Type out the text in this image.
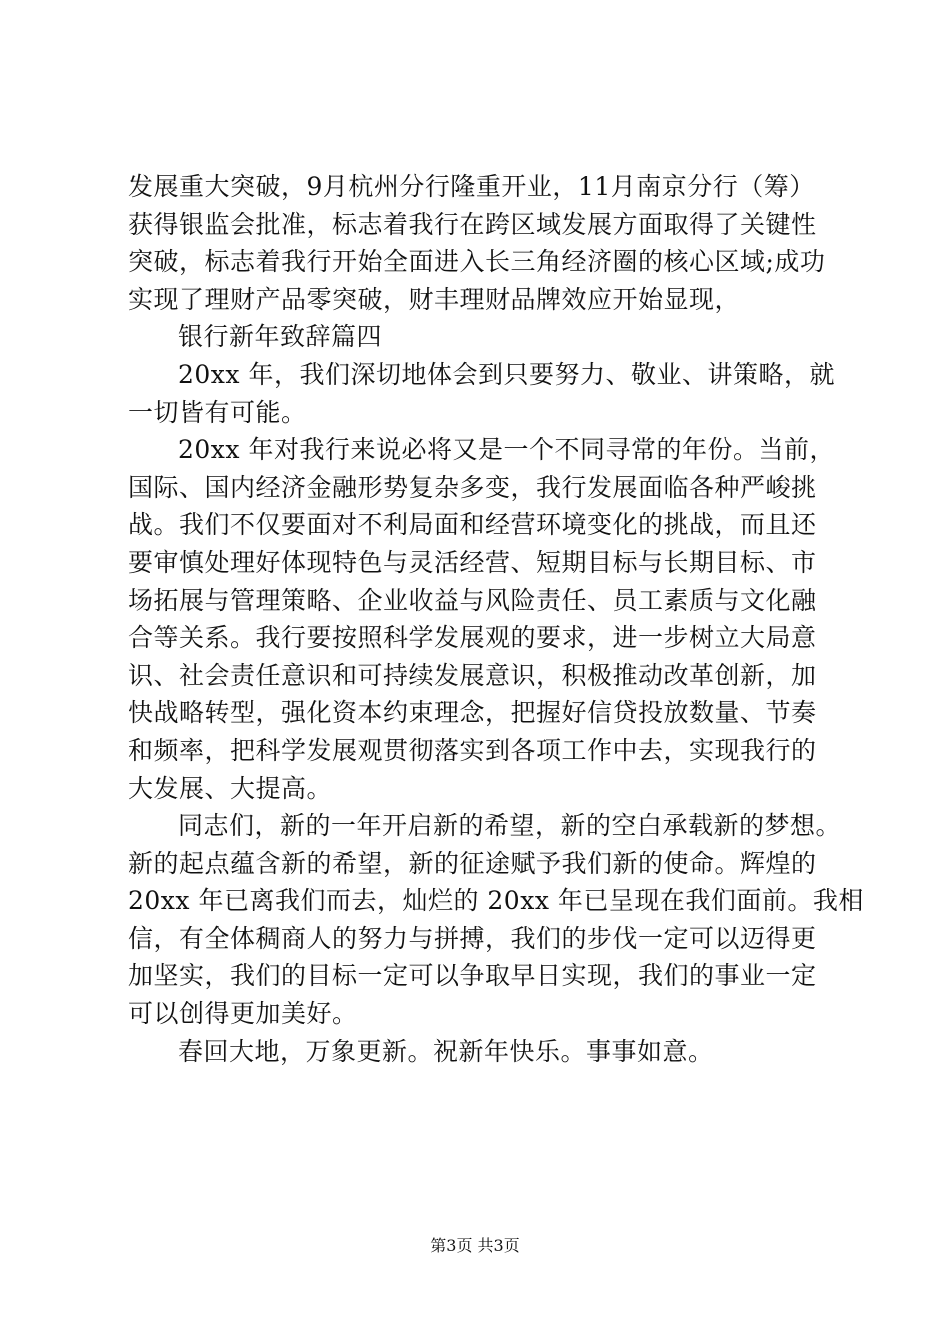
发展重大突破，9月杭州分行隆重开业，11月南京分行（筹）
获得银监会批准，标志着我行在跨区域发展方面取得了关键性
突破，标志着我行开始全面进入长三角经济圈的核心区域;成功
实现了理财产品零突破，财丰理财品牌效应开始显现，
银行新年致辞篇四
20xx 年，我们深切地体会到只要努力、敬业、讲策略，就
一切皆有可能。
20xx 年对我行来说必将又是一个不同寻常的年份。当前，
国际、国内经济金融形势复杂多变，我行发展面临各种严峻挑
战。我们不仅要面对不利局面和经营环境变化的挑战，而且还
要审慎处理好体现特色与灵活经营、短期目标与长期目标、市
场拓展与管理策略、企业收益与风险责任、员工素质与文化融
合等关系。我行要按照科学发展观的要求，进一步树立大局意
识、社会责任意识和可持续发展意识，积极推动改革创新，加
快战略转型，强化资本约束理念，把握好信贷投放数量、节奏
和频率，把科学发展观贯彻落实到各项工作中去，实现我行的
大发展、大提高。
同志们，新的一年开启新的希望，新的空白承载新的梦想。
新的起点蕴含新的希望，新的征途赋予我们新的使命。辉煌的
20xx 年已离我们而去，灿烂的 20xx 年已呈现在我们面前。我相
信，有全体稠商人的努力与拼搏，我们的步伐一定可以迈得更
加坚实，我们的目标一定可以争取早日实现，我们的事业一定
可以创得更加美好。
春回大地，万象更新。祝新年快乐。事事如意。
第3页 共3页
